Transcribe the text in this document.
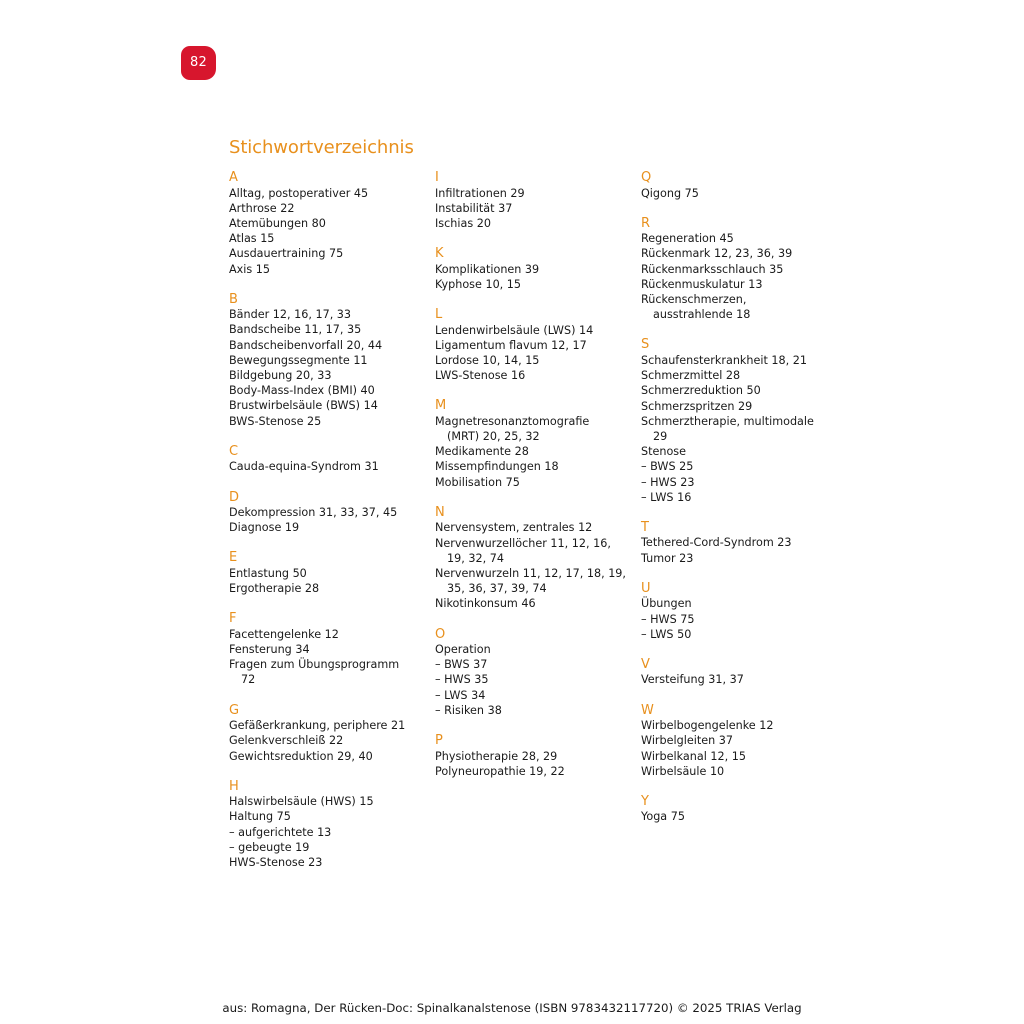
82
Stichwortverzeichnis
A
Alltag, postoperativer 45
Arthrose 22
Atemübungen 80
Atlas 15
Ausdauertraining 75
Axis 15
B
Bänder 12, 16, 17, 33
Bandscheibe 11, 17, 35
Bandscheibenvorfall 20, 44
Bewegungssegmente 11
Bildgebung 20, 33
Body-Mass-Index (BMI) 40
Brustwirbelsäule (BWS) 14
BWS-Stenose 25
C
Cauda-equina-Syndrom 31
D
Dekompression 31, 33, 37, 45
Diagnose 19
E
Entlastung 50
Ergotherapie 28
F
Facettengelenke 12
Fensterung 34
Fragen zum Übungsprogramm
72
G
Gefäßerkrankung, periphere 21
Gelenkverschleiß 22
Gewichtsreduktion 29, 40
H
Halswirbelsäule (HWS) 15
Haltung 75
– aufgerichtete 13
– gebeugte 19
HWS-Stenose 23
I
Infiltrationen 29
Instabilität 37
Ischias 20
K
Komplikationen 39
Kyphose 10, 15
L
Lendenwirbelsäule (LWS) 14
Ligamentum flavum 12, 17
Lordose 10, 14, 15
LWS-Stenose 16
M
Magnetresonanztomografie
(MRT) 20, 25, 32
Medikamente 28
Missempfindungen 18
Mobilisation 75
N
Nervensystem, zentrales 12
Nervenwurzellöcher 11, 12, 16,
19, 32, 74
Nervenwurzeln 11, 12, 17, 18, 19,
35, 36, 37, 39, 74
Nikotinkonsum 46
O
Operation
– BWS 37
– HWS 35
– LWS 34
– Risiken 38
P
Physiotherapie 28, 29
Polyneuropathie 19, 22
Q
Qigong 75
R
Regeneration 45
Rückenmark 12, 23, 36, 39
Rückenmarksschlauch 35
Rückenmuskulatur 13
Rückenschmerzen,
ausstrahlende 18
S
Schaufensterkrankheit 18, 21
Schmerzmittel 28
Schmerzreduktion 50
Schmerzspritzen 29
Schmerztherapie, multimodale
29
Stenose
– BWS 25
– HWS 23
– LWS 16
T
Tethered-Cord-Syndrom 23
Tumor 23
U
Übungen
– HWS 75
– LWS 50
V
Versteifung 31, 37
W
Wirbelbogengelenke 12
Wirbelgleiten 37
Wirbelkanal 12, 15
Wirbelsäule 10
Y
Yoga 75

aus: Romagna, Der Rücken-Doc: Spinalkanalstenose (ISBN 9783432117720) © 2025 TRIAS Verlag
